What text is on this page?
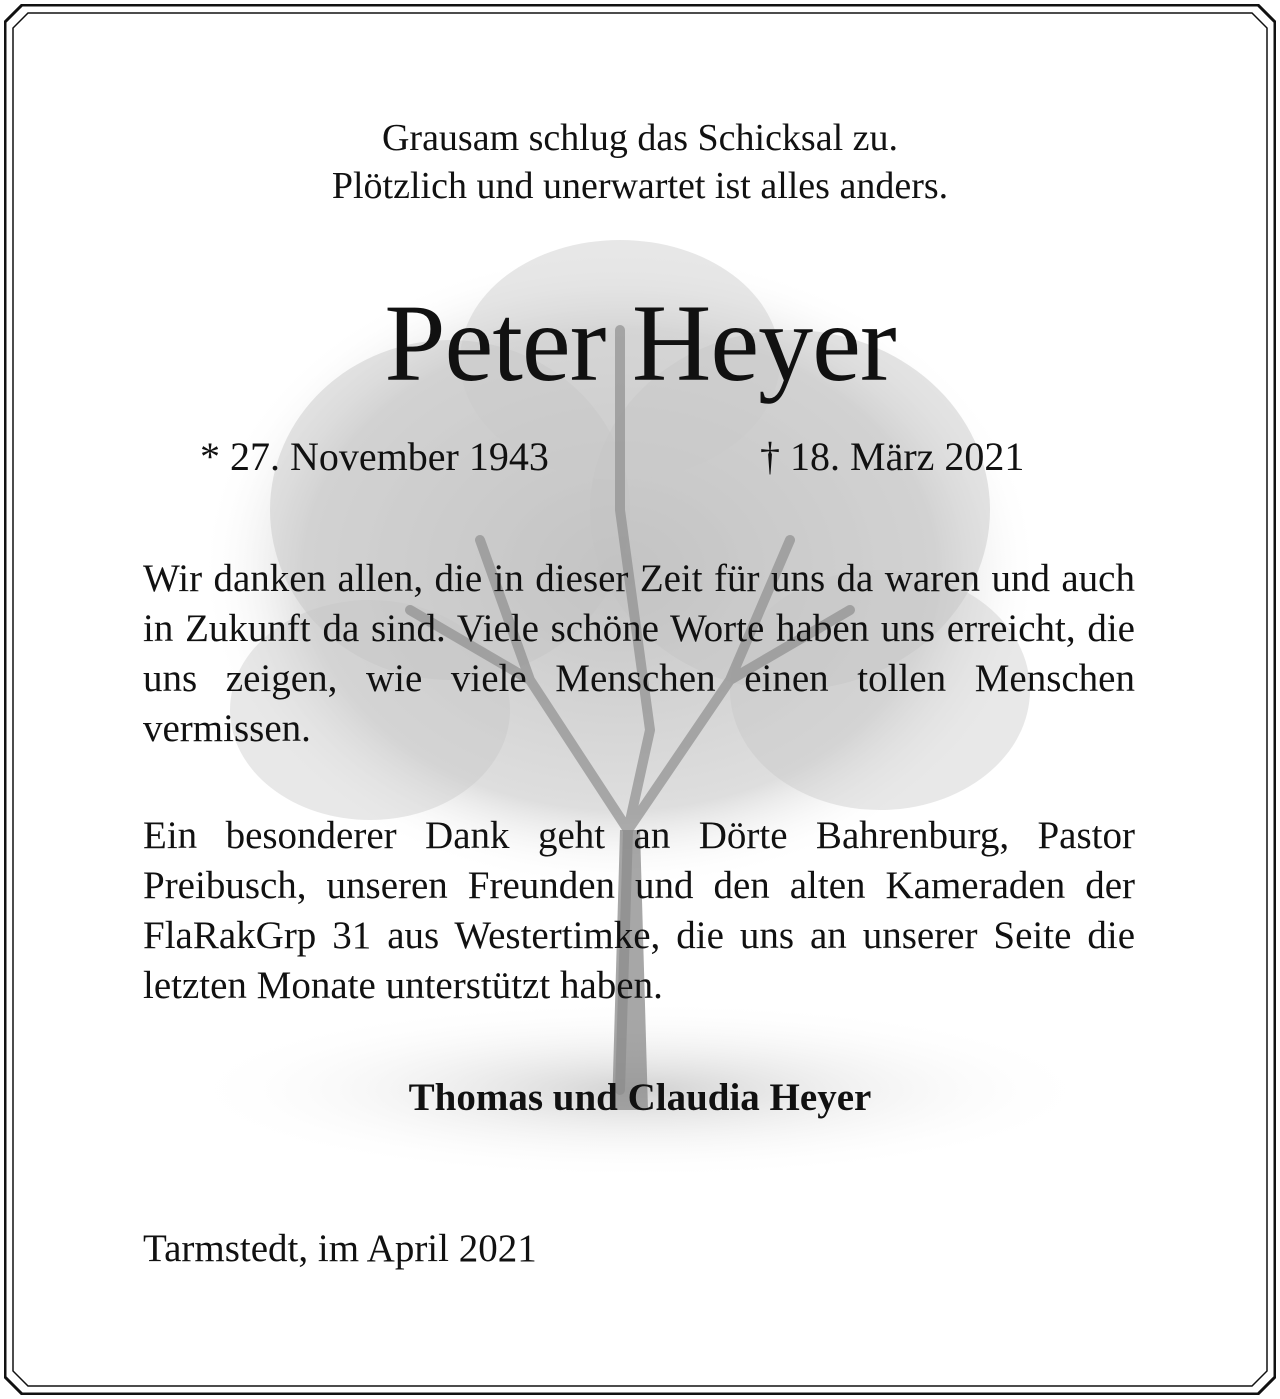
Grausam schlug das Schicksal zu.
Plötzlich und unerwartet ist alles anders.
Peter Heyer
* 27. November 1943	† 18. März 2021
Wir danken allen, die in dieser Zeit für uns da waren und auch in Zukunft da sind. Viele schöne Worte haben uns erreicht, die uns zeigen, wie viele Menschen einen tollen Menschen vermissen.
Ein besonderer Dank geht an Dörte Bahrenburg, Pastor Preibusch, unseren Freunden und den alten Kameraden der FlaRakGrp 31 aus Westertimke, die uns an unserer Seite die letzten Monate unterstützt haben.
Thomas und Claudia Heyer
Tarmstedt, im April 2021
